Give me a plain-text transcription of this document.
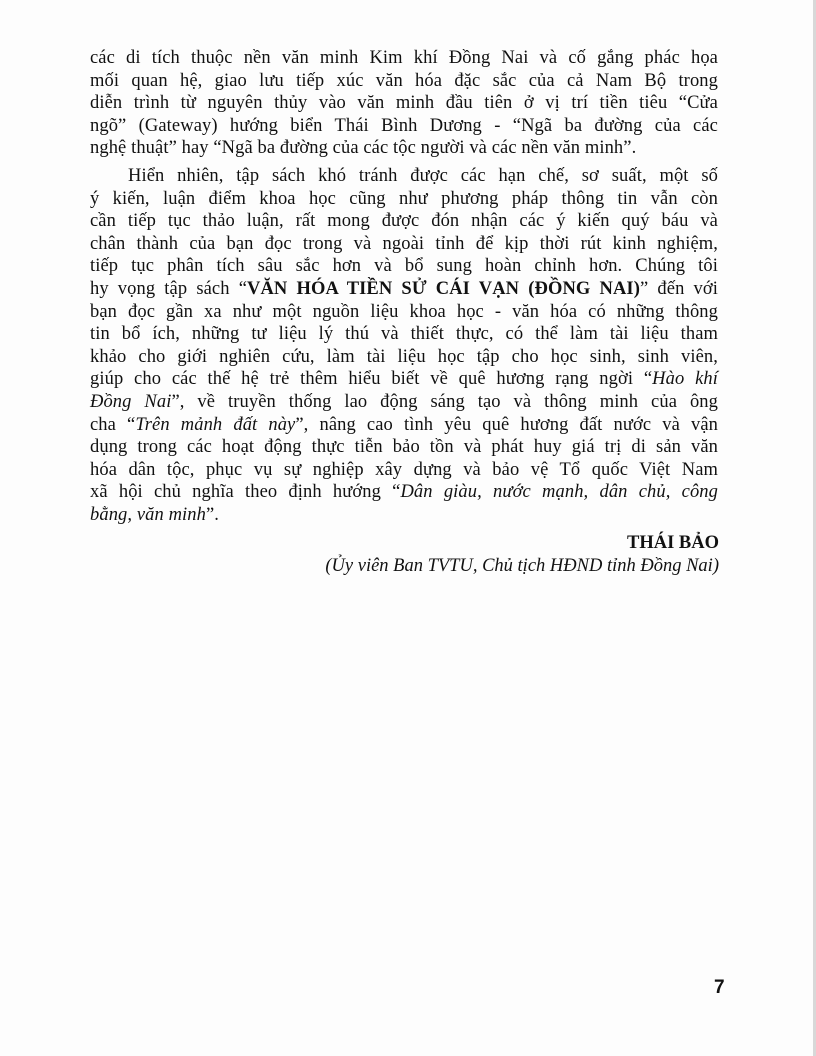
các di tích thuộc nền văn minh Kim khí Đồng Nai và cố gắng phác họa
mối quan hệ, giao lưu tiếp xúc văn hóa đặc sắc của cả Nam Bộ trong
diễn trình từ nguyên thủy vào văn minh đầu tiên ở vị trí tiền tiêu “Cửa
ngõ” (Gateway) hướng biển Thái Bình Dương - “Ngã ba đường của các
nghệ thuật” hay “Ngã ba đường của các tộc người và các nền văn minh”.
Hiển nhiên, tập sách khó tránh được các hạn chế, sơ suất, một số
ý kiến, luận điểm khoa học cũng như phương pháp thông tin vẫn còn
cần tiếp tục thảo luận, rất mong được đón nhận các ý kiến quý báu và
chân thành của bạn đọc trong và ngoài tỉnh để kịp thời rút kinh nghiệm,
tiếp tục phân tích sâu sắc hơn và bổ sung hoàn chỉnh hơn. Chúng tôi
hy vọng tập sách “VĂN HÓA TIỀN SỬ CÁI VẠN (ĐỒNG NAI)” đến với
bạn đọc gần xa như một nguồn liệu khoa học - văn hóa có những thông
tin bổ ích, những tư liệu lý thú và thiết thực, có thể làm tài liệu tham
khảo cho giới nghiên cứu, làm tài liệu học tập cho học sinh, sinh viên,
giúp cho các thế hệ trẻ thêm hiểu biết về quê hương rạng ngời “Hào khí
Đồng Nai”, về truyền thống lao động sáng tạo và thông minh của ông
cha “Trên mảnh đất này”, nâng cao tình yêu quê hương đất nước và vận
dụng trong các hoạt động thực tiễn bảo tồn và phát huy giá trị di sản văn
hóa dân tộc, phục vụ sự nghiệp xây dựng và bảo vệ Tổ quốc Việt Nam
xã hội chủ nghĩa theo định hướng “Dân giàu, nước mạnh, dân chủ, công
bằng, văn minh”.
THÁI BẢO
(Ủy viên Ban TVTU, Chủ tịch HĐND tỉnh Đồng Nai)
7
